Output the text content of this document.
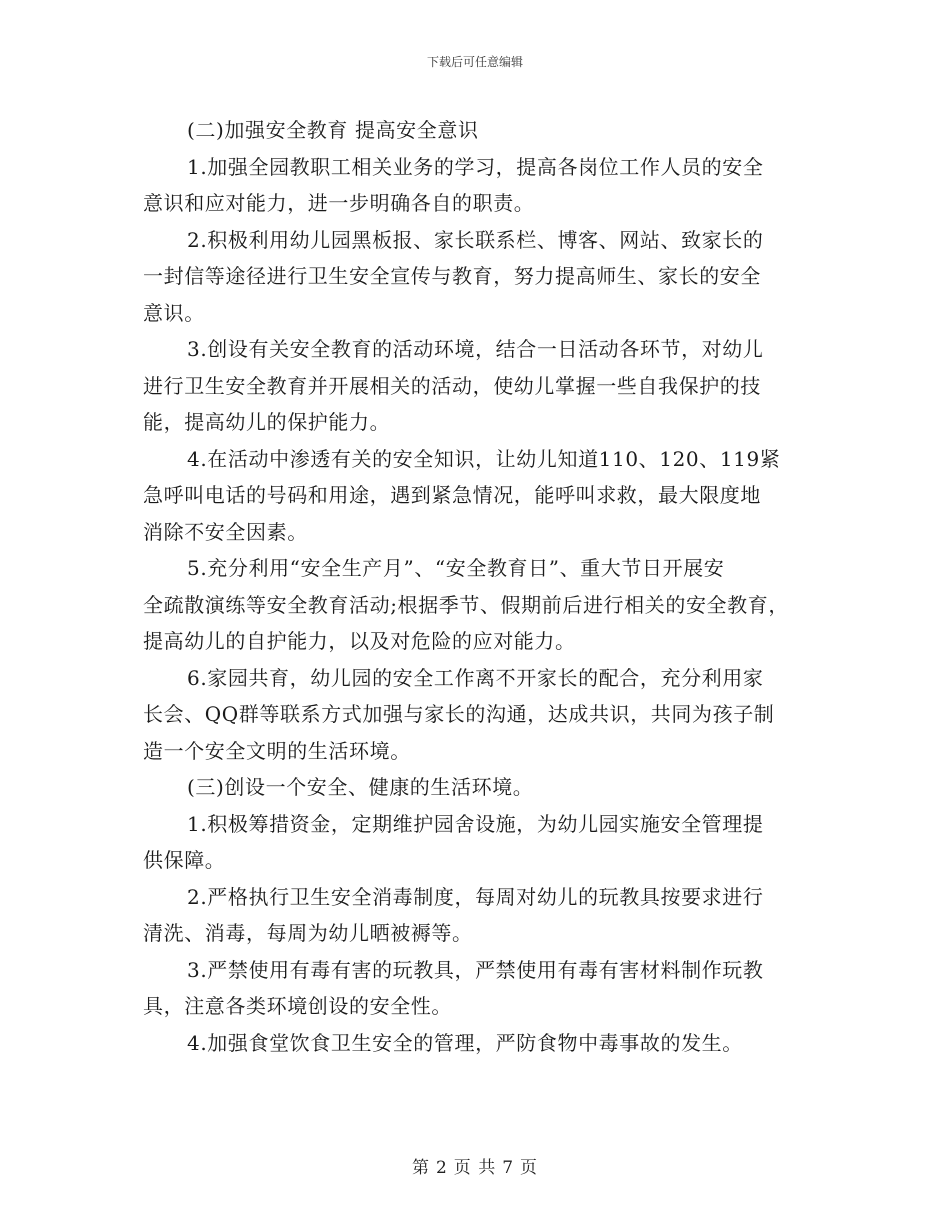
下载后可任意编辑
(二)加强安全教育 提高安全意识
1.加强全园教职工相关业务的学习，提高各岗位工作人员的安全
意识和应对能力，进一步明确各自的职责。
2.积极利用幼儿园黑板报、家长联系栏、博客、网站、致家长的
一封信等途径进行卫生安全宣传与教育，努力提高师生、家长的安全
意识。
3.创设有关安全教育的活动环境，结合一日活动各环节，对幼儿
进行卫生安全教育并开展相关的活动，使幼儿掌握一些自我保护的技
能，提高幼儿的保护能力。
4.在活动中渗透有关的安全知识，让幼儿知道110、120、119紧
急呼叫电话的号码和用途，遇到紧急情况，能呼叫求救，最大限度地
消除不安全因素。
5.充分利用“安全生产月”、“安全教育日”、重大节日开展安
全疏散演练等安全教育活动;根据季节、假期前后进行相关的安全教育，
提高幼儿的自护能力，以及对危险的应对能力。
6.家园共育，幼儿园的安全工作离不开家长的配合，充分利用家
长会、QQ群等联系方式加强与家长的沟通，达成共识，共同为孩子制
造一个安全文明的生活环境。
(三)创设一个安全、健康的生活环境。
1.积极筹措资金，定期维护园舍设施，为幼儿园实施安全管理提
供保障。
2.严格执行卫生安全消毒制度，每周对幼儿的玩教具按要求进行
清洗、消毒，每周为幼儿晒被褥等。
3.严禁使用有毒有害的玩教具，严禁使用有毒有害材料制作玩教
具，注意各类环境创设的安全性。
4.加强食堂饮食卫生安全的管理，严防食物中毒事故的发生。
第 2 页 共 7 页
